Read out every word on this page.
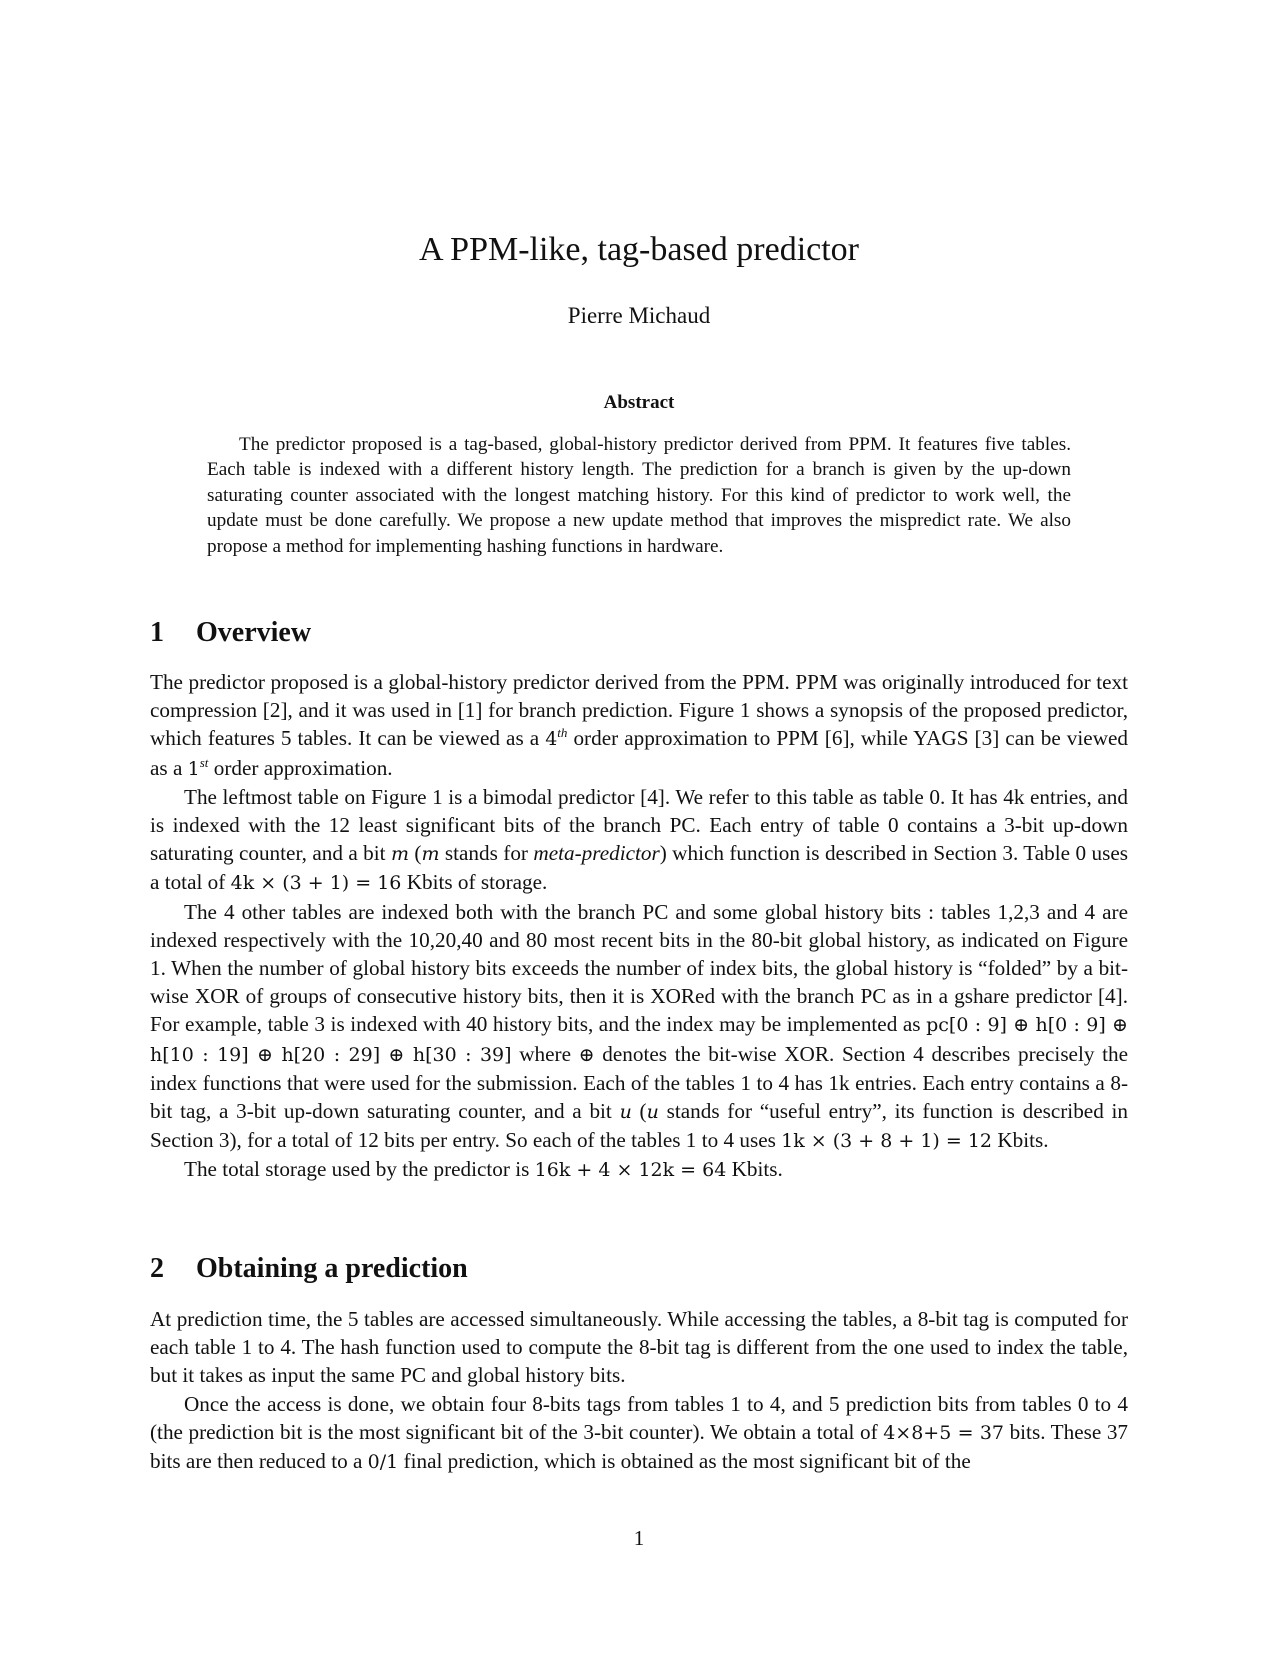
A PPM-like, tag-based predictor
Pierre Michaud
Abstract

The predictor proposed is a tag-based, global-history predictor derived from PPM. It features five tables. Each table is indexed with a different history length. The prediction for a branch is given by the up-down saturating counter associated with the longest matching history. For this kind of predictor to work well, the update must be done carefully. We propose a new update method that improves the mispredict rate. We also propose a method for implementing hashing functions in hardware.

1 Overview

The predictor proposed is a global-history predictor derived from the PPM. PPM was originally introduced for text compression [2], and it was used in [1] for branch prediction. Figure 1 shows a synopsis of the proposed predictor, which features 5 tables. It can be viewed as a 4th order approximation to PPM [6], while YAGS [3] can be viewed as a 1st order approximation.

The leftmost table on Figure 1 is a bimodal predictor [4]. We refer to this table as table 0. It has 4k entries, and is indexed with the 12 least significant bits of the branch PC. Each entry of table 0 contains a 3-bit up-down saturating counter, and a bit m (m stands for meta-predictor) which function is described in Section 3. Table 0 uses a total of 4k × (3 + 1) = 16 Kbits of storage.

The 4 other tables are indexed both with the branch PC and some global history bits : tables 1,2,3 and 4 are indexed respectively with the 10,20,40 and 80 most recent bits in the 80-bit global history, as indicated on Figure 1. When the number of global history bits exceeds the number of index bits, the global history is “folded” by a bit-wise XOR of groups of consecutive history bits, then it is XORed with the branch PC as in a gshare predictor [4]. For example, table 3 is indexed with 40 history bits, and the index may be implemented as pc[0 : 9] ⊕ h[0 : 9] ⊕ h[10 : 19] ⊕ h[20 : 29] ⊕ h[30 : 39] where ⊕ denotes the bit-wise XOR. Section 4 describes precisely the index functions that were used for the submission. Each of the tables 1 to 4 has 1k entries. Each entry contains a 8-bit tag, a 3-bit up-down saturating counter, and a bit u (u stands for “useful entry”, its function is described in Section 3), for a total of 12 bits per entry. So each of the tables 1 to 4 uses 1k × (3 + 8 + 1) = 12 Kbits.

The total storage used by the predictor is 16k + 4 × 12k = 64 Kbits.

2 Obtaining a prediction

At prediction time, the 5 tables are accessed simultaneously. While accessing the tables, a 8-bit tag is computed for each table 1 to 4. The hash function used to compute the 8-bit tag is different from the one used to index the table, but it takes as input the same PC and global history bits.

Once the access is done, we obtain four 8-bits tags from tables 1 to 4, and 5 prediction bits from tables 0 to 4 (the prediction bit is the most significant bit of the 3-bit counter). We obtain a total of 4×8+5 = 37 bits. These 37 bits are then reduced to a 0/1 final prediction, which is obtained as the most significant bit of the

1
